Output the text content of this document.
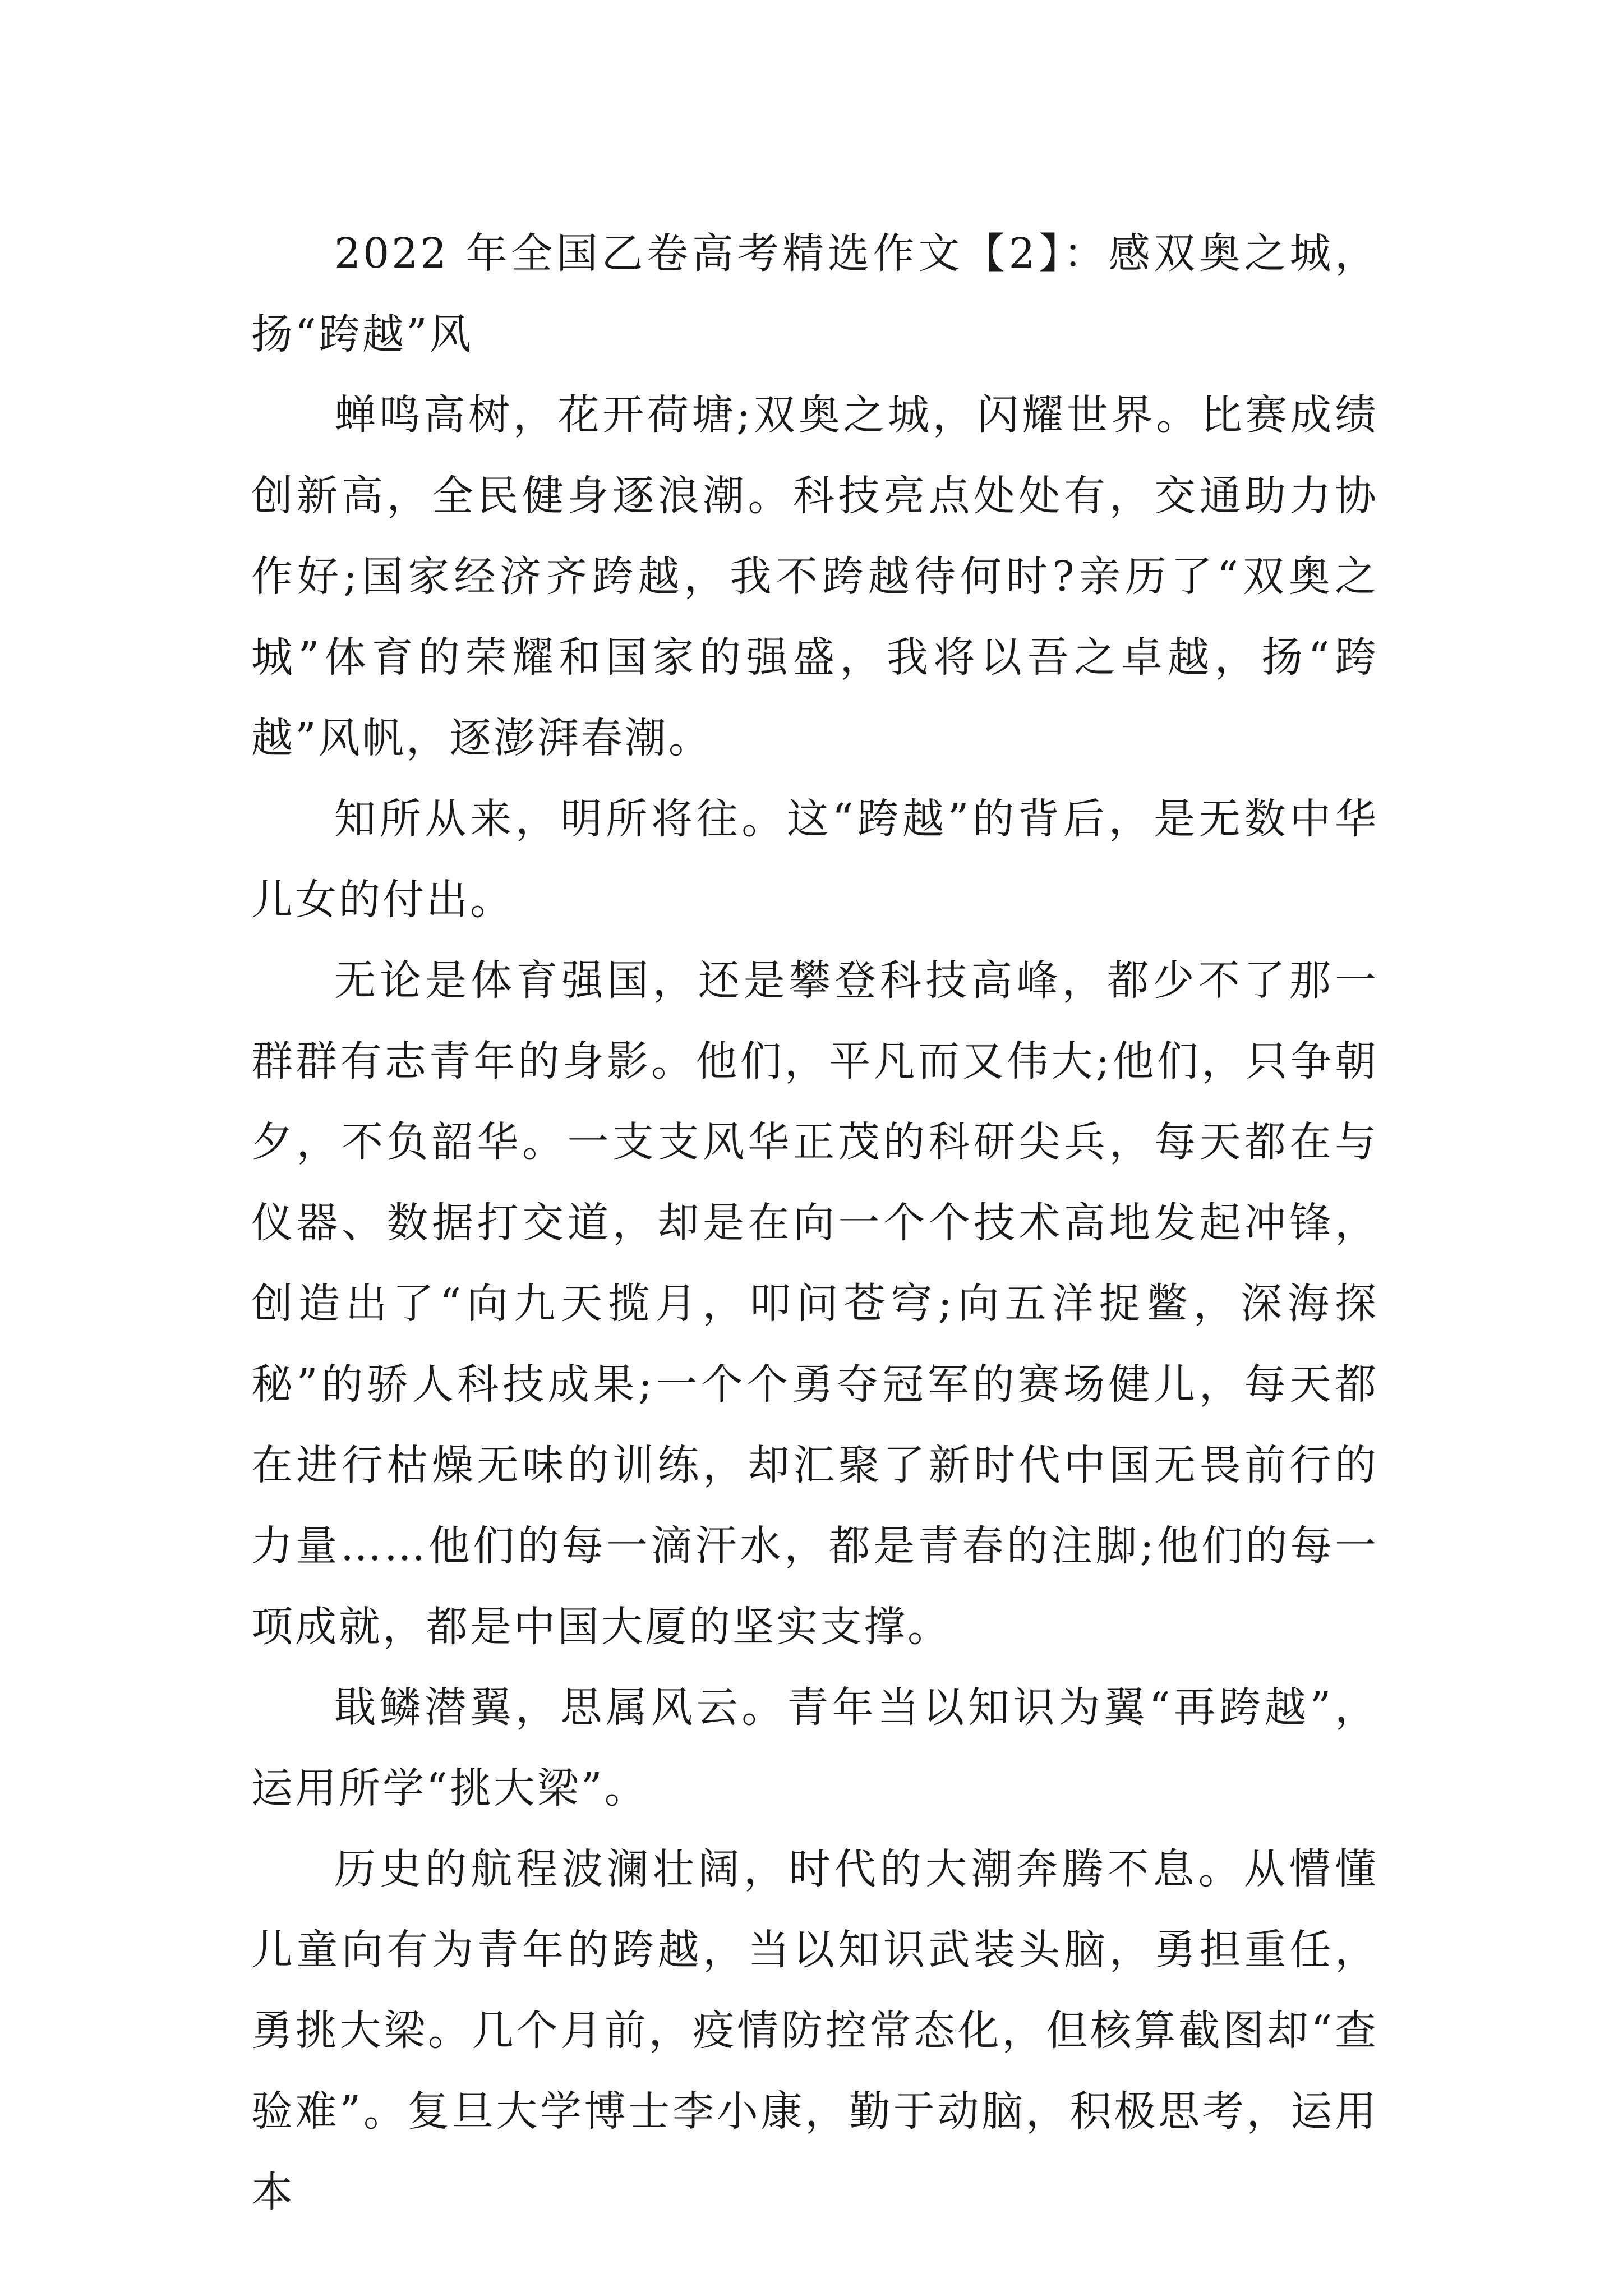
2022 年全国乙卷高考精选作文【2】：感双奥之城，扬“跨越”风

蝉鸣高树，花开荷塘;双奥之城，闪耀世界。比赛成绩创新高，全民健身逐浪潮。科技亮点处处有，交通助力协作好;国家经济齐跨越，我不跨越待何时?亲历了“双奥之城”体育的荣耀和国家的强盛，我将以吾之卓越，扬“跨越”风帆，逐澎湃春潮。

知所从来，明所将往。这“跨越”的背后，是无数中华儿女的付出。

无论是体育强国，还是攀登科技高峰，都少不了那一群群有志青年的身影。他们，平凡而又伟大;他们，只争朝夕，不负韶华。一支支风华正茂的科研尖兵，每天都在与仪器、数据打交道，却是在向一个个技术高地发起冲锋，创造出了“向九天揽月，叩问苍穹;向五洋捉鳖，深海探秘”的骄人科技成果;一个个勇夺冠军的赛场健儿，每天都在进行枯燥无味的训练，却汇聚了新时代中国无畏前行的力量……他们的每一滴汗水，都是青春的注脚;他们的每一项成就，都是中国大厦的坚实支撑。

戢鳞潜翼，思属风云。青年当以知识为翼“再跨越”，运用所学“挑大梁”。

历史的航程波澜壮阔，时代的大潮奔腾不息。从懵懂儿童向有为青年的跨越，当以知识武装头脑，勇担重任，勇挑大梁。几个月前，疫情防控常态化，但核算截图却“查验难”。复旦大学博士李小康，勤于动脑，积极思考，运用本
